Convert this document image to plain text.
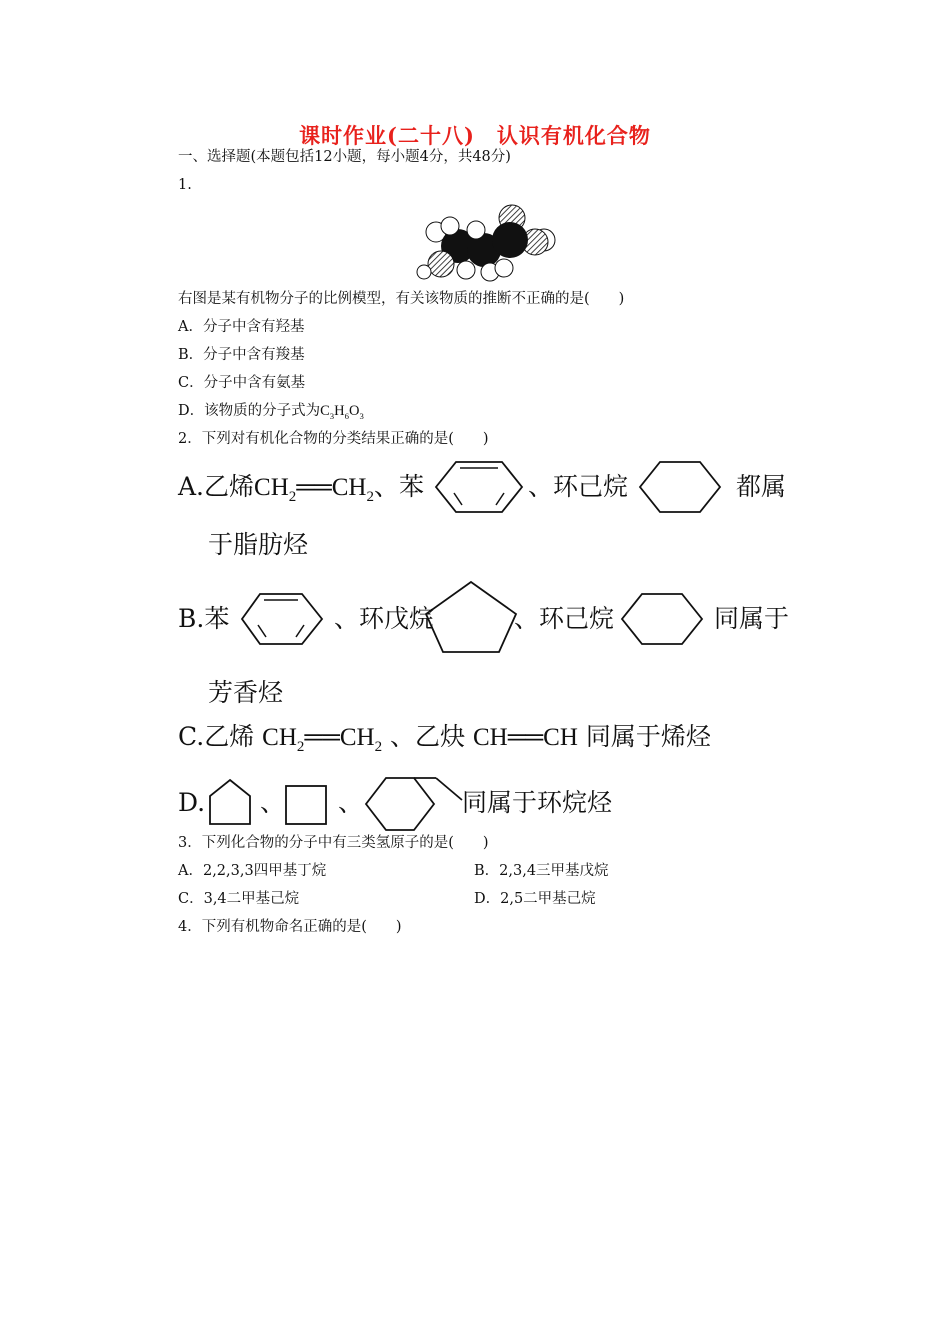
课时作业(二十八)　认识有机化合物
一、选择题(本题包括12小题，每小题4分，共48分)
1.
右图是某有机物分子的比例模型，有关该物质的推断不正确的是(　　)
A．分子中含有羟基
B．分子中含有羧基
C．分子中含有氨基
D．该物质的分子式为$C_3H_6O_3$
2．下列对有机化合物的分类结果正确的是(　　)
A.乙烯$CH_2══CH_2$、苯	、环己烷	都属
于脂肪烃
B.苯	、环戊烷	、环己烷	同属于
芳香烃
C.乙烯 $CH_2══CH_2$ 、乙炔 CH══CH 同属于烯烃
D. 、 、	同属于环烷烃
3．下列化合物的分子中有三类氢原子的是(　　)
A．2,2,3,3四甲基丁烷	B．2,3,4三甲基戊烷
C．3,4二甲基己烷	D．2,5二甲基己烷
4．下列有机物命名正确的是(　　)
